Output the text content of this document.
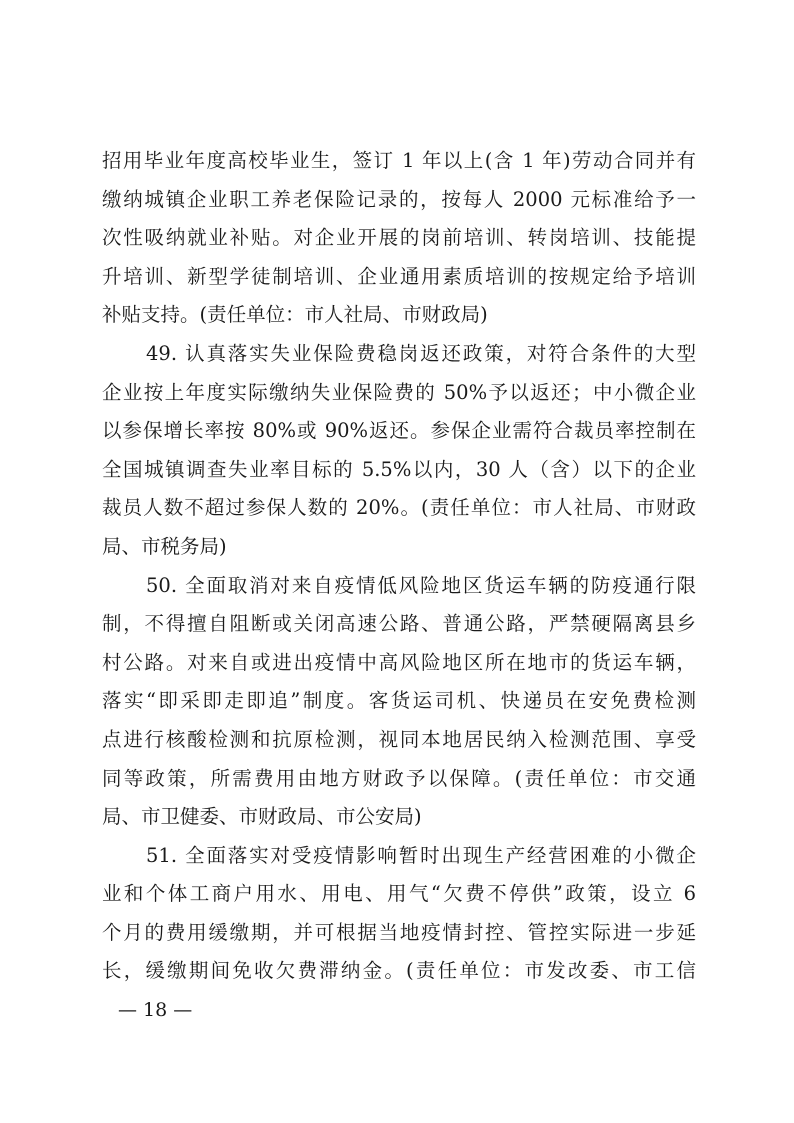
招用毕业年度高校毕业生，签订 1 年以上(含 1 年)劳动合同并有
缴纳城镇企业职工养老保险记录的，按每人 2000 元标准给予一
次性吸纳就业补贴。对企业开展的岗前培训、转岗培训、技能提
升培训、新型学徒制培训、企业通用素质培训的按规定给予培训
补贴支持。(责任单位：市人社局、市财政局)
49. 认真落实失业保险费稳岗返还政策，对符合条件的大型
企业按上年度实际缴纳失业保险费的 50%予以返还；中小微企业
以参保增长率按 80%或 90%返还。参保企业需符合裁员率控制在
全国城镇调查失业率目标的 5.5%以内，30 人（含）以下的企业
裁员人数不超过参保人数的 20%。(责任单位：市人社局、市财政
局、市税务局)
50. 全面取消对来自疫情低风险地区货运车辆的防疫通行限
制，不得擅自阻断或关闭高速公路、普通公路，严禁硬隔离县乡
村公路。对来自或进出疫情中高风险地区所在地市的货运车辆，
落实“即采即走即追”制度。客货运司机、快递员在安免费检测
点进行核酸检测和抗原检测，视同本地居民纳入检测范围、享受
同等政策，所需费用由地方财政予以保障。(责任单位：市交通
局、市卫健委、市财政局、市公安局)
51. 全面落实对受疫情影响暂时出现生产经营困难的小微企
业和个体工商户用水、用电、用气“欠费不停供”政策，设立 6
个月的费用缓缴期，并可根据当地疫情封控、管控实际进一步延
长，缓缴期间免收欠费滞纳金。(责任单位：市发改委、市工信
— 18 —
